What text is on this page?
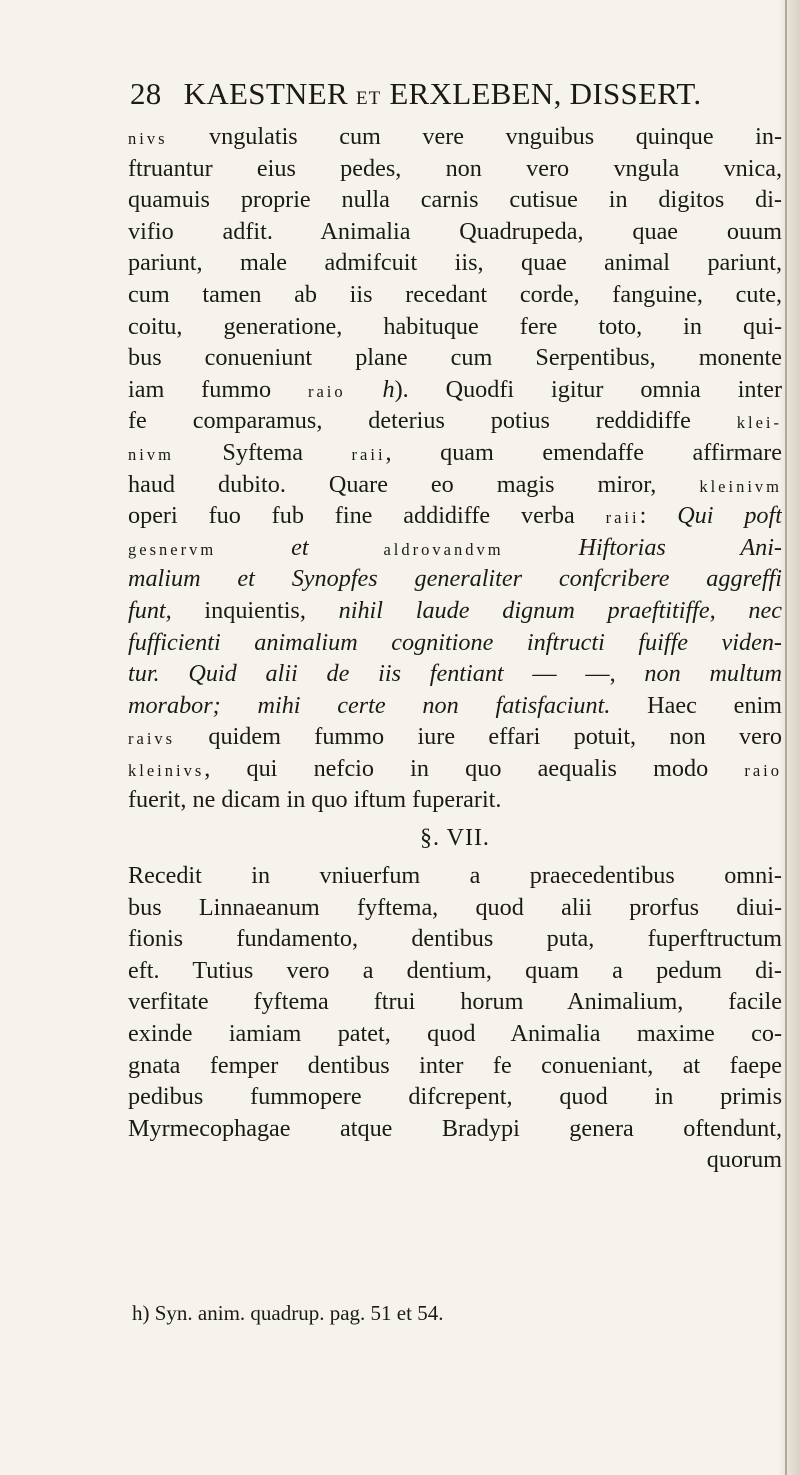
28 KAESTNER ET ERXLEBEN, DISSERT.
nivs vngulatis cum vere vnguibus quinque in-
ftruantur eius pedes, non vero vngula vnica,
quamuis proprie nulla carnis cutisue in digitos di-
vifio adfit. Animalia Quadrupeda, quae ouum
pariunt, male admifcuit iis, quae animal pariunt,
cum tamen ab iis recedant corde, fanguine, cute,
coitu, generatione, habituque fere toto, in qui-
bus conueniunt plane cum Serpentibus, monente
iam fummo raio h). Quodfi igitur omnia inter
fe comparamus, deterius potius reddidiffe klei-
nivm Syftema raii, quam emendaffe affirmare
haud dubito. Quare eo magis miror, kleinivm
operi fuo fub fine addidiffe verba raii: Qui poft
gesnervm et aldrovandvm Hiftorias Ani-
malium et Synopfes generaliter confcribere aggreffi
funt, inquientis, nihil laude dignum praeftitiffe, nec
fufficienti animalium cognitione inftructi fuiffe viden-
tur. Quid alii de iis fentiant — —, non multum
morabor; mihi certe non fatisfaciunt. Haec enim
raivs quidem fummo iure effari potuit, non vero
kleinivs, qui nefcio in quo aequalis modo raio
fuerit, ne dicam in quo iftum fuperarit.
§. VII.
Recedit in vniuerfum a praecedentibus omni-
bus Linnaeanum fyftema, quod alii prorfus diui-
fionis fundamento, dentibus puta, fuperftructum
eft. Tutius vero a dentium, quam a pedum di-
verfitate fyftema ftrui horum Animalium, facile
exinde iamiam patet, quod Animalia maxime co-
gnata femper dentibus inter fe conueniant, at faepe
pedibus fummopere difcrepent, quod in primis
Myrmecophagae atque Bradypi genera oftendunt,
quorum
h) Syn. anim. quadrup. pag. 51 et 54.
